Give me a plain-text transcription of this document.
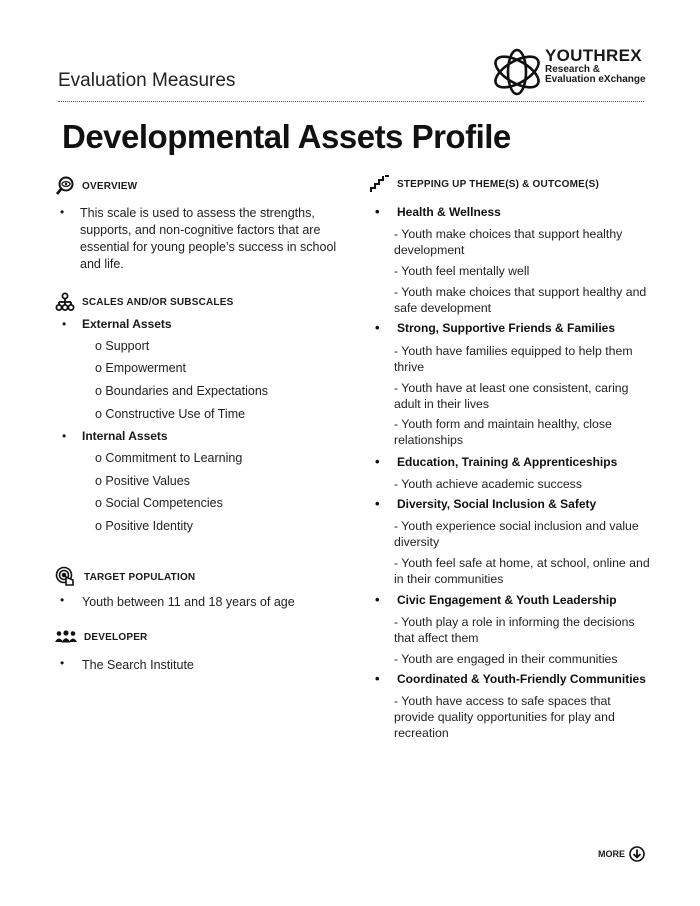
Evaluation Measures
YOUTHREX
Research &
Evaluation eXchange
Developmental Assets Profile
OVERVIEW
• This scale is used to assess the strengths, supports, and non-cognitive factors that are essential for young people’s success in school and life.
SCALES AND/OR SUBSCALES
• External Assets
o Support
o Empowerment
o Boundaries and Expectations
o Constructive Use of Time
• Internal Assets
o Commitment to Learning
o Positive Values
o Social Competencies
o Positive Identity
TARGET POPULATION
• Youth between 11 and 18 years of age
DEVELOPER
• The Search Institute
STEPPING UP THEME(S) & OUTCOME(S)
• Health & Wellness
- Youth make choices that support healthy development
- Youth feel mentally well
- Youth make choices that support healthy and safe development
• Strong, Supportive Friends & Families
- Youth have families equipped to help them thrive
- Youth have at least one consistent, caring adult in their lives
- Youth form and maintain healthy, close relationships
• Education, Training & Apprenticeships
- Youth achieve academic success
• Diversity, Social Inclusion & Safety
- Youth experience social inclusion and value diversity
- Youth feel safe at home, at school, online and in their communities
• Civic Engagement & Youth Leadership
- Youth play a role in informing the decisions that affect them
- Youth are engaged in their communities
• Coordinated & Youth-Friendly Communities
- Youth have access to safe spaces that provide quality opportunities for play and recreation
MORE
